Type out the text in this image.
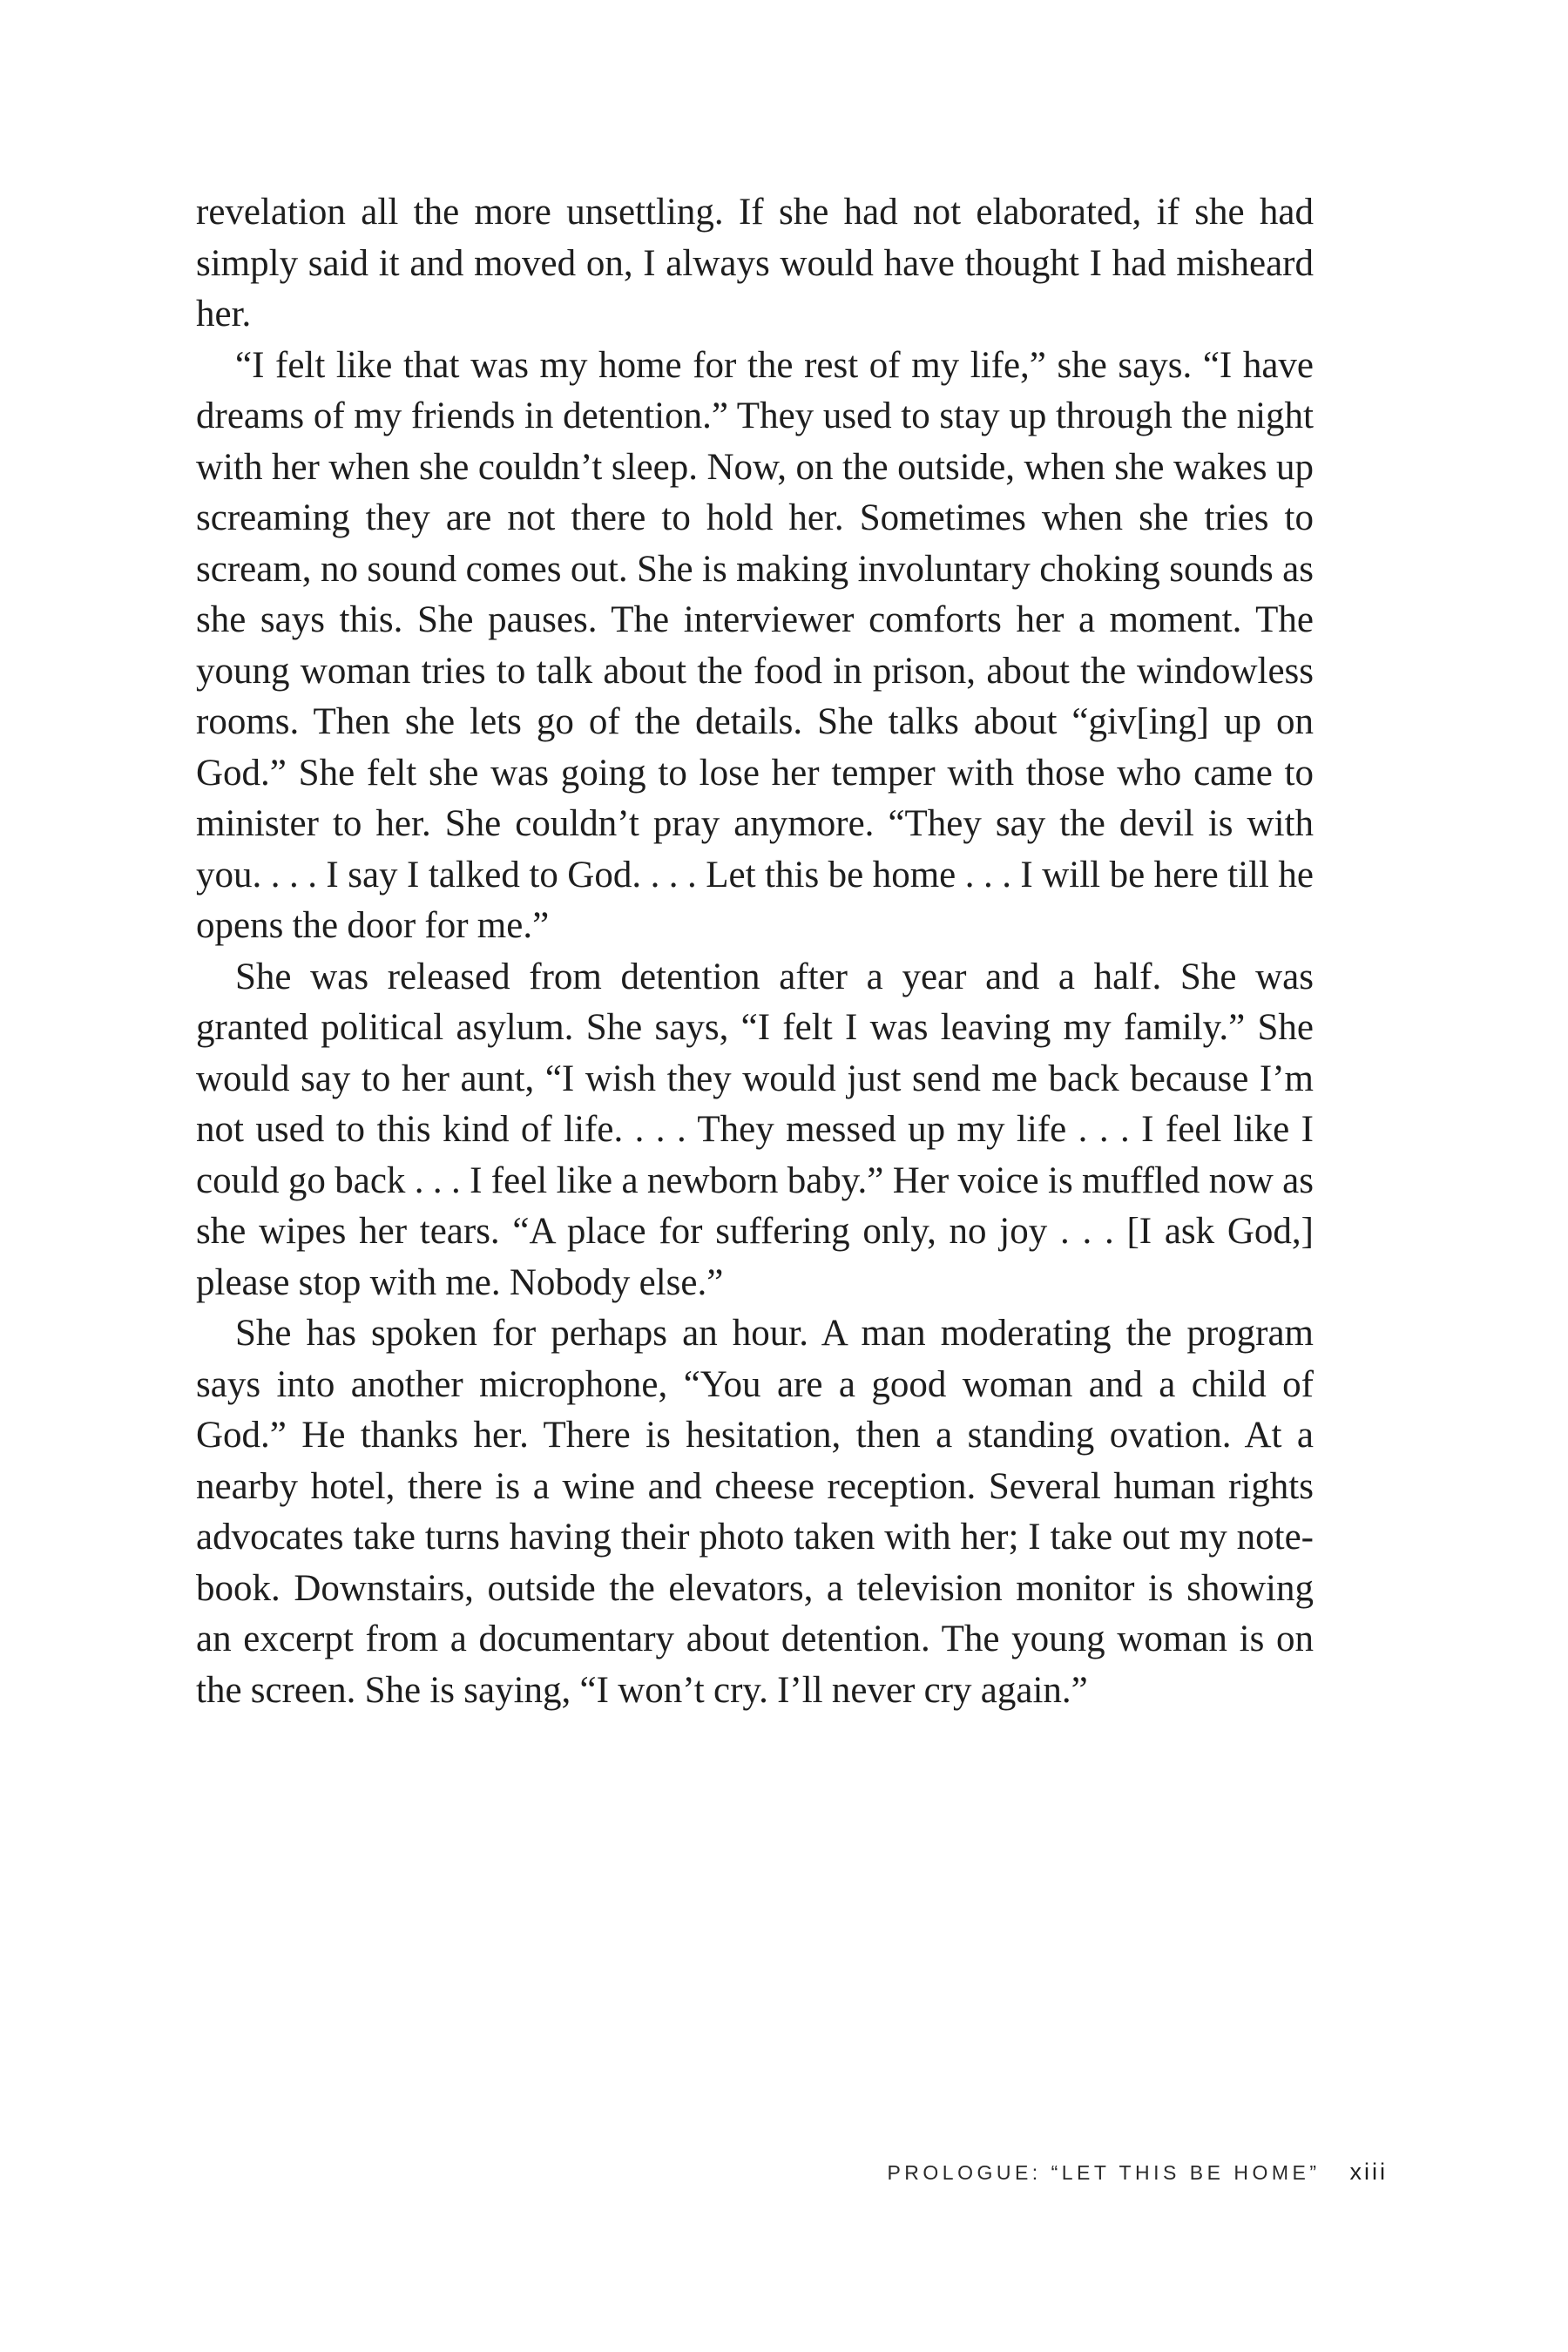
revelation all the more unsettling. If she had not elaborated, if she had simply said it and moved on, I always would have thought I had misheard her.

“I felt like that was my home for the rest of my life,” she says. “I have dreams of my friends in detention.” They used to stay up through the night with her when she couldn’t sleep. Now, on the outside, when she wakes up screaming they are not there to hold her. Sometimes when she tries to scream, no sound comes out. She is making involuntary choking sounds as she says this. She pauses. The interviewer comforts her a moment. The young woman tries to talk about the food in prison, about the windowless rooms. Then she lets go of the details. She talks about “giv[ing] up on God.” She felt she was going to lose her temper with those who came to minister to her. She couldn’t pray anymore. “They say the devil is with you. . . . I say I talked to God. . . . Let this be home . . . I will be here till he opens the door for me.”

She was released from detention after a year and a half. She was granted political asylum. She says, “I felt I was leaving my family.” She would say to her aunt, “I wish they would just send me back because I’m not used to this kind of life. . . . They messed up my life . . . I feel like I could go back . . . I feel like a newborn baby.” Her voice is muffled now as she wipes her tears. “A place for suffering only, no joy . . . [I ask God,] please stop with me. Nobody else.”

She has spoken for perhaps an hour. A man moderating the program says into another microphone, “You are a good woman and a child of God.” He thanks her. There is hesitation, then a standing ovation. At a nearby hotel, there is a wine and cheese reception. Several human rights advocates take turns having their photo taken with her; I take out my notebook. Downstairs, outside the elevators, a television monitor is showing an excerpt from a documentary about detention. The young woman is on the screen. She is saying, “I won’t cry. I’ll never cry again.”

PROLOGUE: “LET THIS BE HOME” xiii
